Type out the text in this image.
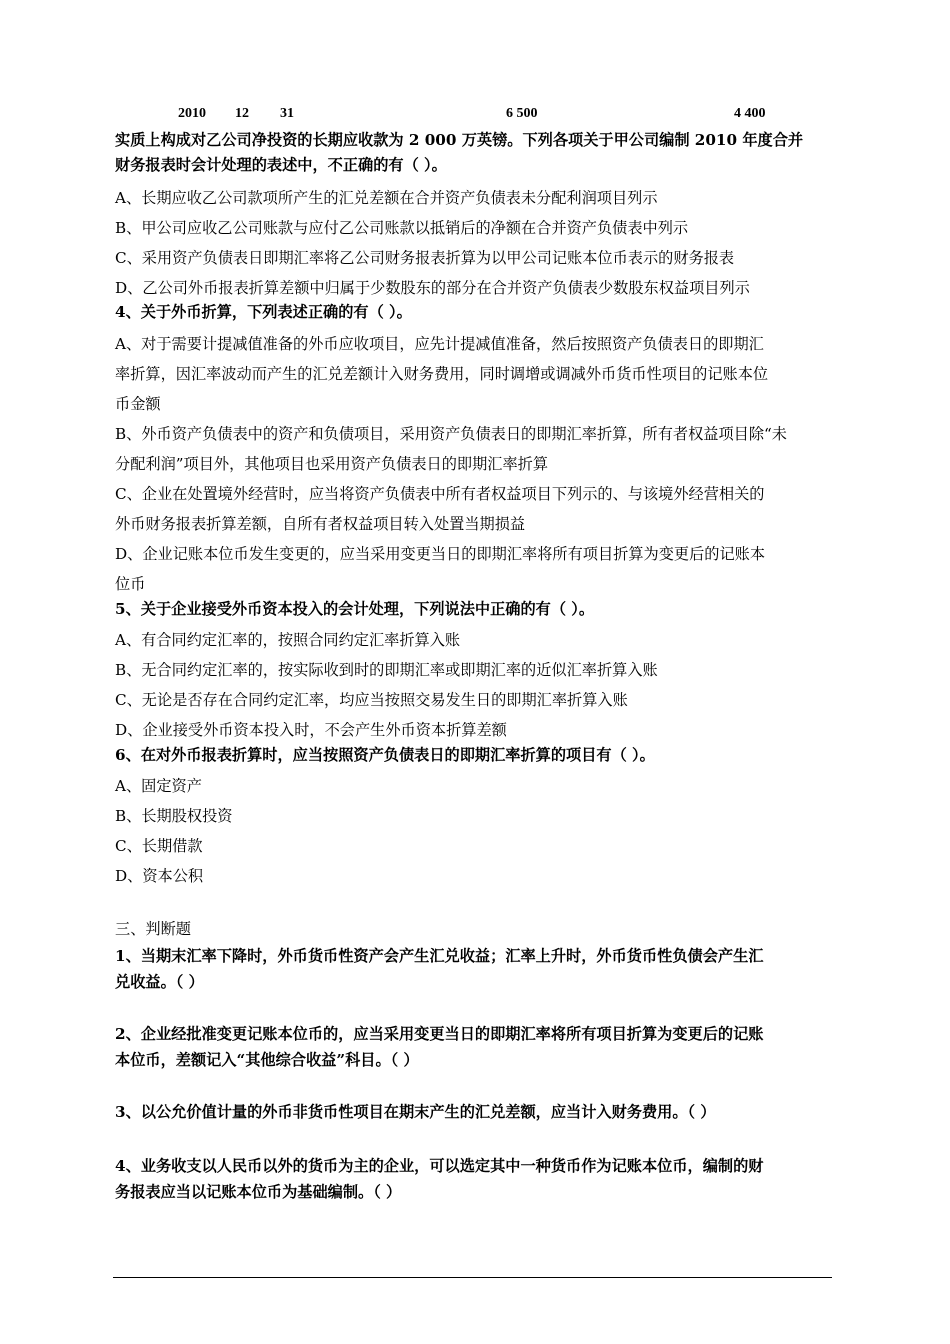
2010 12 31	6 500	4 400
实质上构成对乙公司净投资的长期应收款为 2 000 万英镑。下列各项关于甲公司编制 2010 年度合并
财务报表时会计处理的表述中，不正确的有（ ）。
A、长期应收乙公司款项所产生的汇兑差额在合并资产负债表未分配利润项目列示
B、甲公司应收乙公司账款与应付乙公司账款以抵销后的净额在合并资产负债表中列示
C、采用资产负债表日即期汇率将乙公司财务报表折算为以甲公司记账本位币表示的财务报表
D、乙公司外币报表折算差额中归属于少数股东的部分在合并资产负债表少数股东权益项目列示
4、关于外币折算，下列表述正确的有（ ）。
A、对于需要计提减值准备的外币应收项目，应先计提减值准备，然后按照资产负债表日的即期汇
率折算，因汇率波动而产生的汇兑差额计入财务费用，同时调增或调减外币货币性项目的记账本位
币金额
B、外币资产负债表中的资产和负债项目，采用资产负债表日的即期汇率折算，所有者权益项目除“未
分配利润”项目外，其他项目也采用资产负债表日的即期汇率折算
C、企业在处置境外经营时，应当将资产负债表中所有者权益项目下列示的、与该境外经营相关的
外币财务报表折算差额，自所有者权益项目转入处置当期损益
D、企业记账本位币发生变更的，应当采用变更当日的即期汇率将所有项目折算为变更后的记账本
位币
5、关于企业接受外币资本投入的会计处理，下列说法中正确的有（ ）。
A、有合同约定汇率的，按照合同约定汇率折算入账
B、无合同约定汇率的，按实际收到时的即期汇率或即期汇率的近似汇率折算入账
C、无论是否存在合同约定汇率，均应当按照交易发生日的即期汇率折算入账
D、企业接受外币资本投入时，不会产生外币资本折算差额
6、在对外币报表折算时，应当按照资产负债表日的即期汇率折算的项目有（ ）。
A、固定资产
B、长期股权投资
C、长期借款
D、资本公积
三、判断题
1、当期末汇率下降时，外币货币性资产会产生汇兑收益；汇率上升时，外币货币性负债会产生汇
兑收益。（ ）
2、企业经批准变更记账本位币的，应当采用变更当日的即期汇率将所有项目折算为变更后的记账
本位币，差额记入“其他综合收益”科目。（ ）
3、以公允价值计量的外币非货币性项目在期末产生的汇兑差额，应当计入财务费用。（ ）
4、业务收支以人民币以外的货币为主的企业，可以选定其中一种货币作为记账本位币，编制的财
务报表应当以记账本位币为基础编制。（ ）
